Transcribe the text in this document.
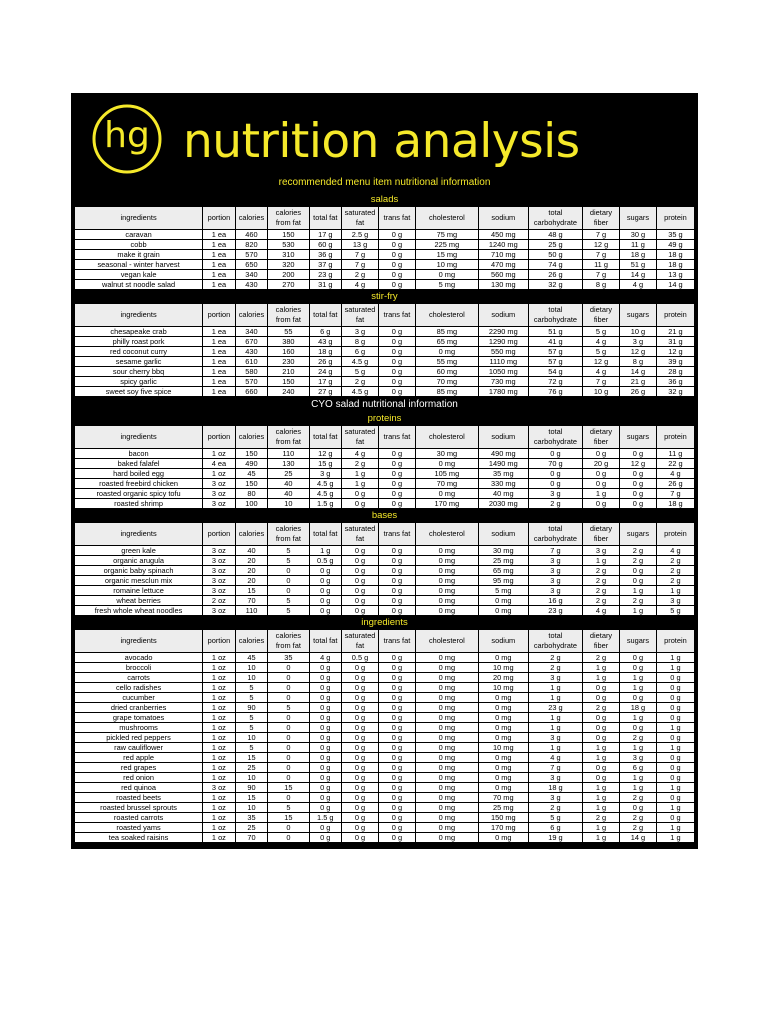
hg nutrition analysis
recommended menu item nutritional information
salads
ingredients	portion	calories	calories from fat	total fat	saturated fat	trans fat	cholesterol	sodium	total carbohydrate	dietary fiber	sugars	protein
caravan	1 ea	460	150	17 g	2.5 g	0 g	75 mg	450 mg	48 g	7 g	30 g	35 g
cobb	1 ea	820	530	60 g	13 g	0 g	225 mg	1240 mg	25 g	12 g	11 g	49 g
make it grain	1 ea	570	310	36 g	7 g	0 g	15 mg	710 mg	50 g	7 g	18 g	18 g
seasonal - winter harvest	1 ea	650	320	37 g	7 g	0 g	10 mg	470 mg	74 g	11 g	51 g	18 g
vegan kale	1 ea	340	200	23 g	2 g	0 g	0 mg	560 mg	26 g	7 g	14 g	13 g
walnut st noodle salad	1 ea	430	270	31 g	4 g	0 g	5 mg	130 mg	32 g	8 g	4 g	14 g
stir-fry
ingredients	portion	calories	calories from fat	total fat	saturated fat	trans fat	cholesterol	sodium	total carbohydrate	dietary fiber	sugars	protein
chesapeake crab	1 ea	340	55	6 g	3 g	0 g	85 mg	2290 mg	51 g	5 g	10 g	21 g
philly roast pork	1 ea	670	380	43 g	8 g	0 g	65 mg	1290 mg	41 g	4 g	3 g	31 g
red coconut curry	1 ea	430	160	18 g	6 g	0 g	0 mg	550 mg	57 g	5 g	12 g	12 g
sesame garlic	1 ea	610	230	26 g	4.5 g	0 g	55 mg	1110 mg	57 g	12 g	8 g	39 g
sour cherry bbq	1 ea	580	210	24 g	5 g	0 g	60 mg	1050 mg	54 g	4 g	14 g	28 g
spicy garlic	1 ea	570	150	17 g	2 g	0 g	70 mg	730 mg	72 g	7 g	21 g	36 g
sweet soy five spice	1 ea	660	240	27 g	4.5 g	0 g	85 mg	1780 mg	76 g	10 g	26 g	32 g
CYO salad nutritional information
proteins
ingredients	portion	calories	calories from fat	total fat	saturated fat	trans fat	cholesterol	sodium	total carbohydrate	dietary fiber	sugars	protein
bacon	1 oz	150	110	12 g	4 g	0 g	30 mg	490 mg	0 g	0 g	0 g	11 g
baked falafel	4 ea	490	130	15 g	2 g	0 g	0 mg	1490 mg	70 g	20 g	12 g	22 g
hard boiled egg	1 oz	45	25	3 g	1 g	0 g	105 mg	35 mg	0 g	0 g	0 g	4 g
roasted freebird chicken	3 oz	150	40	4.5 g	1 g	0 g	70 mg	330 mg	0 g	0 g	0 g	26 g
roasted organic spicy tofu	3 oz	80	40	4.5 g	0 g	0 g	0 mg	40 mg	3 g	1 g	0 g	7 g
roasted shrimp	3 oz	100	10	1.5 g	0 g	0 g	170 mg	2030 mg	2 g	0 g	0 g	18 g
bases
ingredients	portion	calories	calories from fat	total fat	saturated fat	trans fat	cholesterol	sodium	total carbohydrate	dietary fiber	sugars	protein
green kale	3 oz	40	5	1 g	0 g	0 g	0 mg	30 mg	7 g	3 g	2 g	4 g
organic arugula	3 oz	20	5	0.5 g	0 g	0 g	0 mg	25 mg	3 g	1 g	2 g	2 g
organic baby spinach	3 oz	20	0	0 g	0 g	0 g	0 mg	65 mg	3 g	2 g	0 g	2 g
organic mesclun mix	3 oz	20	0	0 g	0 g	0 g	0 mg	95 mg	3 g	2 g	0 g	2 g
romaine lettuce	3 oz	15	0	0 g	0 g	0 g	0 mg	5 mg	3 g	2 g	1 g	1 g
wheat berries	2 oz	70	5	0 g	0 g	0 g	0 mg	0 mg	16 g	2 g	2 g	3 g
fresh whole wheat noodles	3 oz	110	5	0 g	0 g	0 g	0 mg	0 mg	23 g	4 g	1 g	5 g
ingredients
ingredients	portion	calories	calories from fat	total fat	saturated fat	trans fat	cholesterol	sodium	total carbohydrate	dietary fiber	sugars	protein
avocado	1 oz	45	35	4 g	0.5 g	0 g	0 mg	0 mg	2 g	2 g	0 g	1 g
broccoli	1 oz	10	0	0 g	0 g	0 g	0 mg	10 mg	2 g	1 g	0 g	1 g
carrots	1 oz	10	0	0 g	0 g	0 g	0 mg	20 mg	3 g	1 g	1 g	0 g
cello radishes	1 oz	5	0	0 g	0 g	0 g	0 mg	10 mg	1 g	0 g	1 g	0 g
cucumber	1 oz	5	0	0 g	0 g	0 g	0 mg	0 mg	1 g	0 g	0 g	0 g
dried cranberries	1 oz	90	5	0 g	0 g	0 g	0 mg	0 mg	23 g	2 g	18 g	0 g
grape tomatoes	1 oz	5	0	0 g	0 g	0 g	0 mg	0 mg	1 g	0 g	1 g	0 g
mushrooms	1 oz	5	0	0 g	0 g	0 g	0 mg	0 mg	1 g	0 g	0 g	1 g
pickled red peppers	1 oz	10	0	0 g	0 g	0 g	0 mg	0 mg	3 g	0 g	2 g	0 g
raw cauliflower	1 oz	5	0	0 g	0 g	0 g	0 mg	10 mg	1 g	1 g	1 g	1 g
red apple	1 oz	15	0	0 g	0 g	0 g	0 mg	0 mg	4 g	1 g	3 g	0 g
red grapes	1 oz	25	0	0 g	0 g	0 g	0 mg	0 mg	7 g	0 g	6 g	0 g
red onion	1 oz	10	0	0 g	0 g	0 g	0 mg	0 mg	3 g	0 g	1 g	0 g
red quinoa	3 oz	90	15	0 g	0 g	0 g	0 mg	0 mg	18 g	1 g	1 g	1 g
roasted beets	1 oz	15	0	0 g	0 g	0 g	0 mg	70 mg	3 g	1 g	2 g	0 g
roasted brussel sprouts	1 oz	10	5	0 g	0 g	0 g	0 mg	25 mg	2 g	1 g	0 g	1 g
roasted carrots	1 oz	35	15	1.5 g	0 g	0 g	0 mg	150 mg	5 g	2 g	2 g	0 g
roasted yams	1 oz	25	0	0 g	0 g	0 g	0 mg	170 mg	6 g	1 g	2 g	1 g
tea soaked raisins	1 oz	70	0	0 g	0 g	0 g	0 mg	0 mg	19 g	1 g	14 g	1 g
